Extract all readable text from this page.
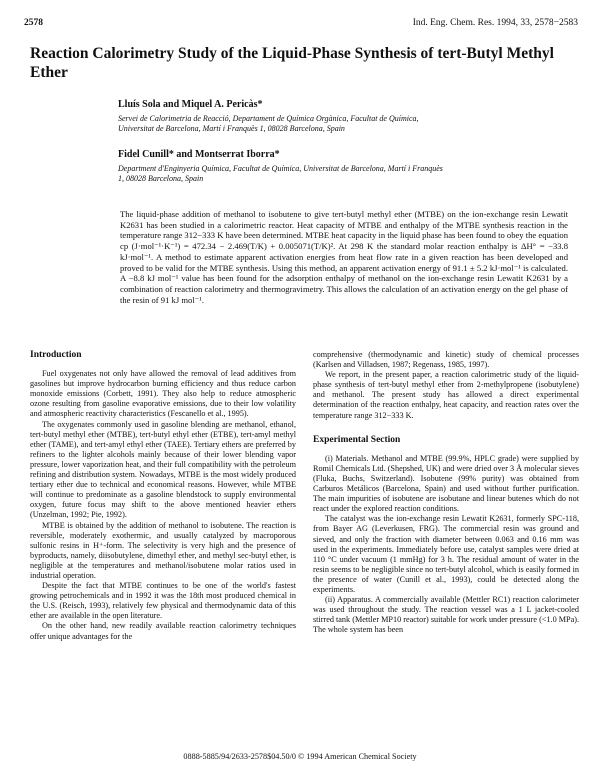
2578	Ind. Eng. Chem. Res. 1994, 33, 2578−2583
Reaction Calorimetry Study of the Liquid-Phase Synthesis of tert-Butyl Methyl Ether
Lluís Sola and Miquel A. Pericàs*
Servei de Calorimetria de Reacció, Departament de Química Orgànica, Facultat de Química, Universitat de Barcelona, Martí i Franquès 1, 08028 Barcelona, Spain
Fidel Cunill* and Montserrat Iborra*
Department d'Enginyeria Química, Facultat de Química, Universitat de Barcelona, Martí i Franquès 1, 08028 Barcelona, Spain

The liquid-phase addition of methanol to isobutene to give tert-butyl methyl ether (MTBE) on the ion-exchange resin Lewatit K2631 has been studied in a calorimetric reactor. Heat capacity of MTBE and enthalpy of the MTBE synthesis reaction in the temperature range 312−333 K have been determined. MTBE heat capacity in the liquid phase has been found to obey the equation cp (J·mol⁻¹·K⁻¹) = 472.34 − 2.469(T/K) + 0.005071(T/K)². At 298 K the standard molar reaction enthalpy is ΔH° = −33.8 kJ·mol⁻¹. A method to estimate apparent activation energies from heat flow rate in a given reaction has been developed and proved to be valid for the MTBE synthesis. Using this method, an apparent activation energy of 91.1 ± 5.2 kJ·mol⁻¹ is calculated. A −8.8 kJ mol⁻¹ value has been found for the adsorption enthalpy of methanol on the ion-exchange resin Lewatit K2631 by a combination of reaction calorimetry and thermogravimetry. This allows the calculation of an activation energy on the gel phase of the resin of 91 kJ mol⁻¹.

Introduction

Fuel oxygenates not only have allowed the removal of lead additives from gasolines but improve hydrocarbon burning efficiency and thus reduce carbon monoxide emissions (Corbett, 1991). They also help to reduce atmospheric ozone resulting from gasoline evaporative emissions, due to their low volatility and atmospheric reactivity characteristics (Fescanello et al., 1995).

The oxygenates commonly used in gasoline blending are methanol, ethanol, tert-butyl methyl ether (MTBE), tert-butyl ethyl ether (ETBE), tert-amyl methyl ether (TAME), and tert-amyl ethyl ether (TAEE). Tertiary ethers are preferred by refiners to the lighter alcohols mainly because of their lower blending vapor pressure, lower vaporization heat, and their full compatibility with the petroleum refining and distribution system. Nowadays, MTBE is the most widely produced tertiary ether due to technical and economical reasons. However, while MTBE will continue to predominate as a gasoline blendstock to supply environmental oxygen, future focus may shift to the above mentioned heavier ethers (Unzelman, 1992; Pie, 1992).

MTBE is obtained by the addition of methanol to isobutene. The reaction is reversible, moderately exothermic, and usually catalyzed by macroporous sulfonic resins in H⁺-form. The selectivity is very high and the presence of byproducts, namely, diisobutylene, dimethyl ether, and methyl sec-butyl ether, is negligible at the temperatures and methanol/isobutene molar ratios used in industrial operation.

Despite the fact that MTBE continues to be one of the world's fastest growing petrochemicals and in 1992 it was the 18th most produced chemical in the U.S. (Reisch, 1993), relatively few physical and thermodynamic data of this ether are available in the open literature.

On the other hand, new readily available reaction calorimetry techniques offer unique advantages for the

comprehensive (thermodynamic and kinetic) study of chemical processes (Karlsen and Villadsen, 1987; Regenass, 1985, 1997).

We report, in the present paper, a reaction calorimetric study of the liquid-phase synthesis of tert-butyl methyl ether from 2-methylpropene (isobutylene) and methanol. The present study has allowed a direct experimental determination of the reaction enthalpy, heat capacity, and reaction rates over the temperature range 312−333 K.

Experimental Section

(i) Materials. Methanol and MTBE (99.9%, HPLC grade) were supplied by Romil Chemicals Ltd. (Shepshed, UK) and were dried over 3 Å molecular sieves (Fluka, Buchs, Switzerland). Isobutene (99% purity) was obtained from Carburos Metálicos (Barcelona, Spain) and used without further purification. The main impurities of isobutene are isobutane and linear butenes which do not react under the explored reaction conditions.

The catalyst was the ion-exchange resin Lewatit K2631, formerly SPC-118, from Bayer AG (Leverkusen, FRG). The commercial resin was ground and sieved, and only the fraction with diameter between 0.063 and 0.16 mm was used in the experiments. Immediately before use, catalyst samples were dried at 110 °C under vacuum (1 mmHg) for 3 h. The residual amount of water in the resin seems to be negligible since no tert-butyl alcohol, which is easily formed in the presence of water (Cunill et al., 1993), could be detected along the experiments.

(ii) Apparatus. A commercially available (Mettler RC1) reaction calorimeter was used throughout the study. The reaction vessel was a 1 L jacket-cooled stirred tank (Mettler MP10 reactor) suitable for work under pressure (<1.0 MPa). The whole system has been

0888-5885/94/2633-2578$04.50/0 © 1994 American Chemical Society
